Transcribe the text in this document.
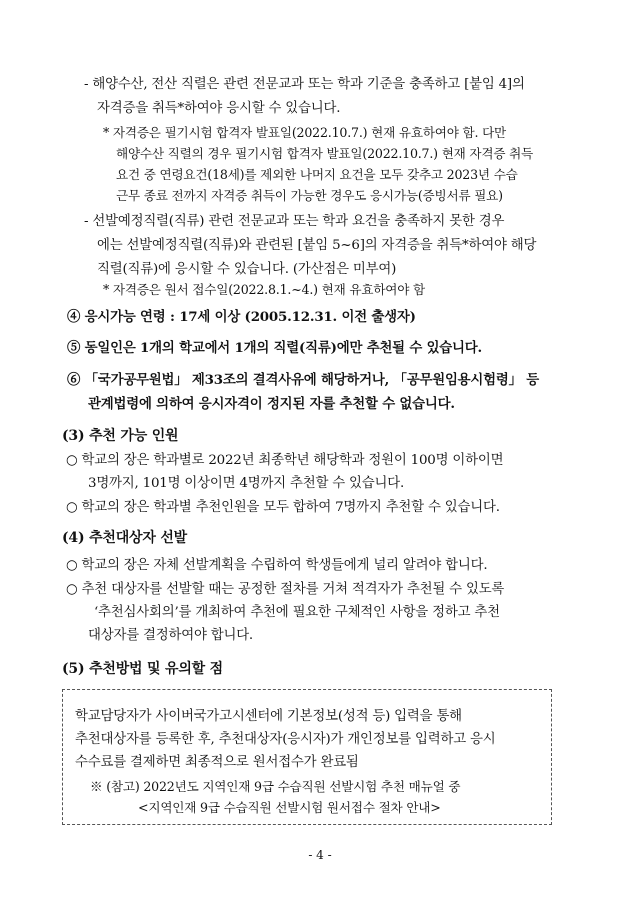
- 해양수산, 전산 직렬은 관련 전문교과 또는 학과 기준을 충족하고 [붙임 4]의
자격증을 취득*하여야 응시할 수 있습니다.
* 자격증은 필기시험 합격자 발표일(2022.10.7.) 현재 유효하여야 함. 다만
해양수산 직렬의 경우 필기시험 합격자 발표일(2022.10.7.) 현재 자격증 취득
요건 중 연령요건(18세)를 제외한 나머지 요건을 모두 갖추고 2023년 수습
근무 종료 전까지 자격증 취득이 가능한 경우도 응시가능(증빙서류 필요)
- 선발예정직렬(직류) 관련 전문교과 또는 학과 요건을 충족하지 못한 경우
에는 선발예정직렬(직류)와 관련된 [붙임 5~6]의 자격증을 취득*하여야 해당
직렬(직류)에 응시할 수 있습니다. (가산점은 미부여)
* 자격증은 원서 접수일(2022.8.1.~4.) 현재 유효하여야 함
④ 응시가능 연령 : 17세 이상 (2005.12.31. 이전 출생자)
⑤ 동일인은 1개의 학교에서 1개의 직렬(직류)에만 추천될 수 있습니다.
⑥ 「국가공무원법」 제33조의 결격사유에 해당하거나, 「공무원임용시험령」 등
관계법령에 의하여 응시자격이 정지된 자를 추천할 수 없습니다.
(3) 추천 가능 인원
○ 학교의 장은 학과별로 2022년 최종학년 해당학과 정원이 100명 이하이면
3명까지, 101명 이상이면 4명까지 추천할 수 있습니다.
○ 학교의 장은 학과별 추천인원을 모두 합하여 7명까지 추천할 수 있습니다.
(4) 추천대상자 선발
○ 학교의 장은 자체 선발계획을 수립하여 학생들에게 널리 알려야 합니다.
○ 추천 대상자를 선발할 때는 공정한 절차를 거쳐 적격자가 추천될 수 있도록
‘추천심사회의’를 개최하여 추천에 필요한 구체적인 사항을 정하고 추천
대상자를 결정하여야 합니다.
(5) 추천방법 및 유의할 점
학교담당자가 사이버국가고시센터에 기본정보(성적 등) 입력을 통해
추천대상자를 등록한 후, 추천대상자(응시자)가 개인정보를 입력하고 응시
수수료를 결제하면 최종적으로 원서접수가 완료됨
※ (참고) 2022년도 지역인재 9급 수습직원 선발시험 추천 매뉴얼 중
<지역인재 9급 수습직원 선발시험 원서접수 절차 안내>
- 4 -
